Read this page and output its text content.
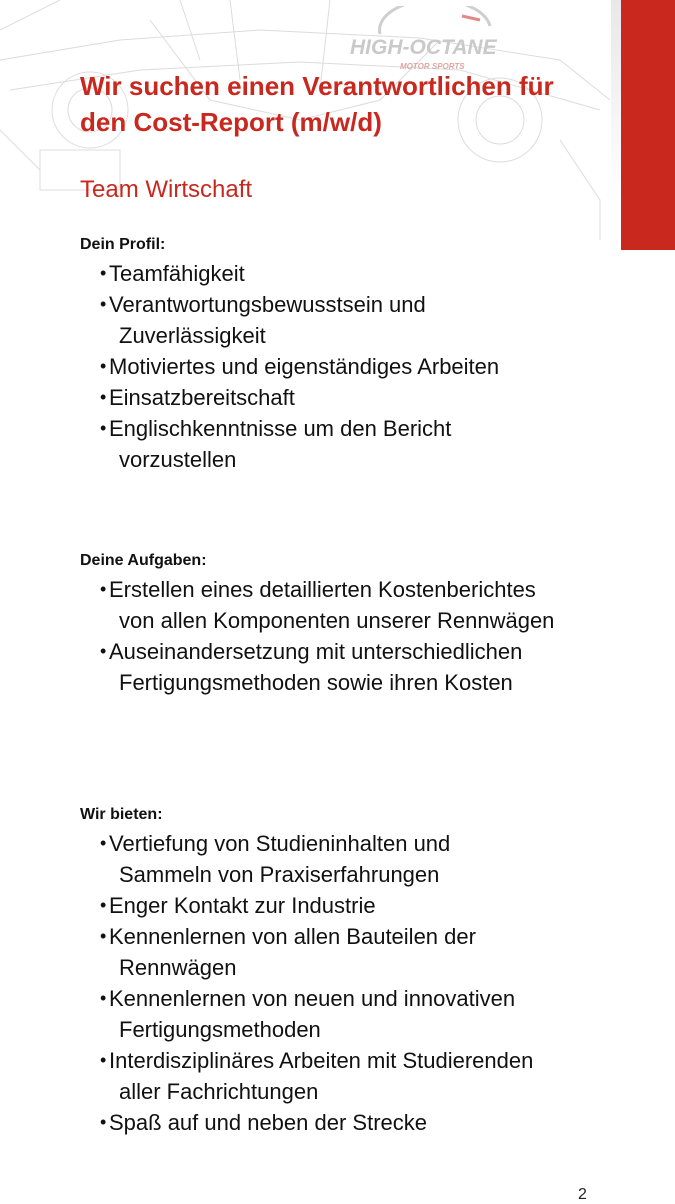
HIGH-OCTANE
MOTOR SPORTS
Wir suchen einen Verantwortlichen für den Cost-Report (m/w/d)
Team Wirtschaft
Dein Profil:
• Teamfähigkeit
• Verantwortungsbewusstsein und Zuverlässigkeit
• Motiviertes und eigenständiges Arbeiten
• Einsatzbereitschaft
• Englischkenntnisse um den Bericht vorzustellen
Deine Aufgaben:
• Erstellen eines detaillierten Kostenberichtes von allen Komponenten unserer Rennwägen
• Auseinandersetzung mit unterschiedlichen Fertigungsmethoden sowie ihren Kosten
Wir bieten:
• Vertiefung von Studieninhalten und Sammeln von Praxiserfahrungen
• Enger Kontakt zur Industrie
• Kennenlernen von allen Bauteilen der Rennwägen
• Kennenlernen von neuen und innovativen Fertigungsmethoden
• Interdisziplinäres Arbeiten mit Studierenden aller Fachrichtungen
• Spaß auf und neben der Strecke
2
